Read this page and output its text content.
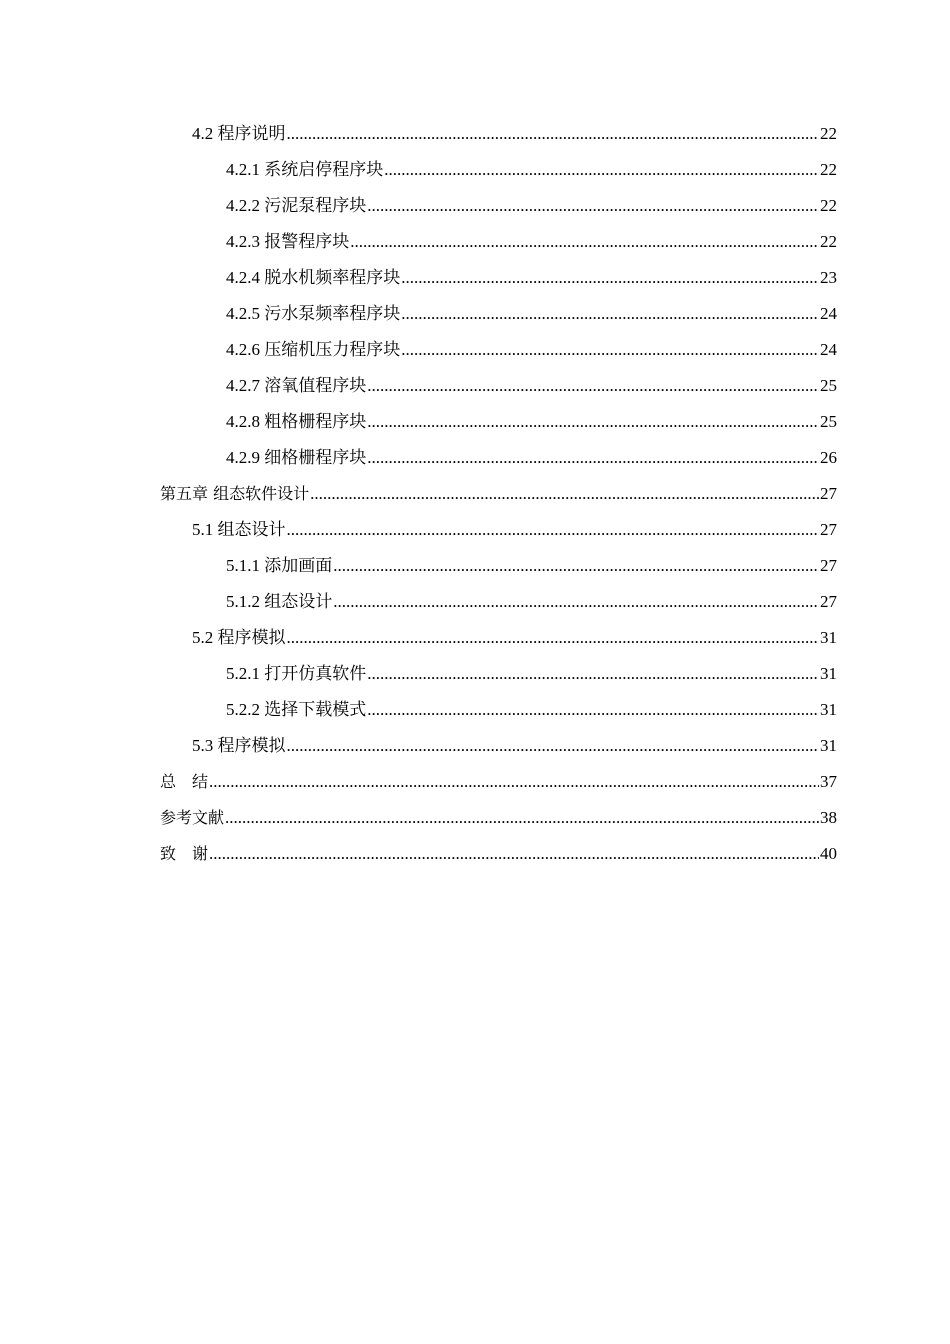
4.2 程序说明 .....	22
4.2.1 系统启停程序块 .....	22
4.2.2 污泥泵程序块 .....	22
4.2.3 报警程序块 .....	22
4.2.4 脱水机频率程序块 .....	23
4.2.5 污水泵频率程序块 .....	24
4.2.6 压缩机压力程序块 .....	24
4.2.7 溶氧值程序块 .....	25
4.2.8 粗格栅程序块 .....	25
4.2.9 细格栅程序块 .....	26
第五章 组态软件设计 .....	27
5.1 组态设计 .....	27
5.1.1 添加画面 .....	27
5.1.2 组态设计 .....	27
5.2 程序模拟 .....	31
5.2.1 打开仿真软件 .....	31
5.2.2 选择下载模式 .....	31
5.3 程序模拟 .....	31
总　结 .....	37
参考文献 .....	38
致　谢 .....	40
